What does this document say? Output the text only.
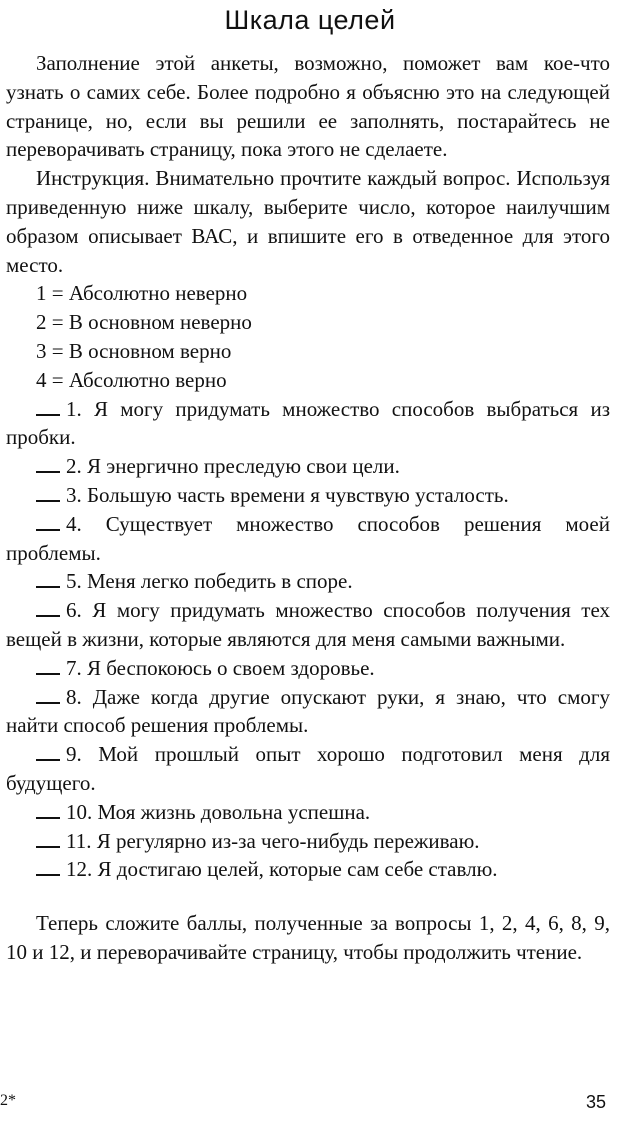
Шкала целей

Заполнение этой анкеты, возможно, поможет вам кое-что узнать о самих себе. Более подробно я объясню это на следующей странице, но, если вы решили ее заполнять, постарайтесь не переворачивать страницу, пока этого не сделаете.

Инструкция. Внимательно прочтите каждый вопрос. Используя приведенную ниже шкалу, выберите число, которое наилучшим образом описывает ВАС, и впишите его в отведенное для этого место.

1 = Абсолютно неверно

2 = В основном неверно

3 = В основном верно

4 = Абсолютно верно

1. Я могу придумать множество способов выбраться из пробки.

2. Я энергично преследую свои цели.

3. Большую часть времени я чувствую усталость.

4. Существует множество способов решения моей проблемы.

5. Меня легко победить в споре.

6. Я могу придумать множество способов получения тех вещей в жизни, которые являются для меня самыми важными.

7. Я беспокоюсь о своем здоровье.

8. Даже когда другие опускают руки, я знаю, что смогу найти способ решения проблемы.

9. Мой прошлый опыт хорошо подготовил меня для будущего.

10. Моя жизнь довольна успешна.

11. Я регулярно из-за чего-нибудь переживаю.

12. Я достигаю целей, которые сам себе ставлю.

Теперь сложите баллы, полученные за вопросы 1, 2, 4, 6, 8, 9, 10 и 12, и переворачивайте страницу, чтобы продолжить чтение.

2*	35
